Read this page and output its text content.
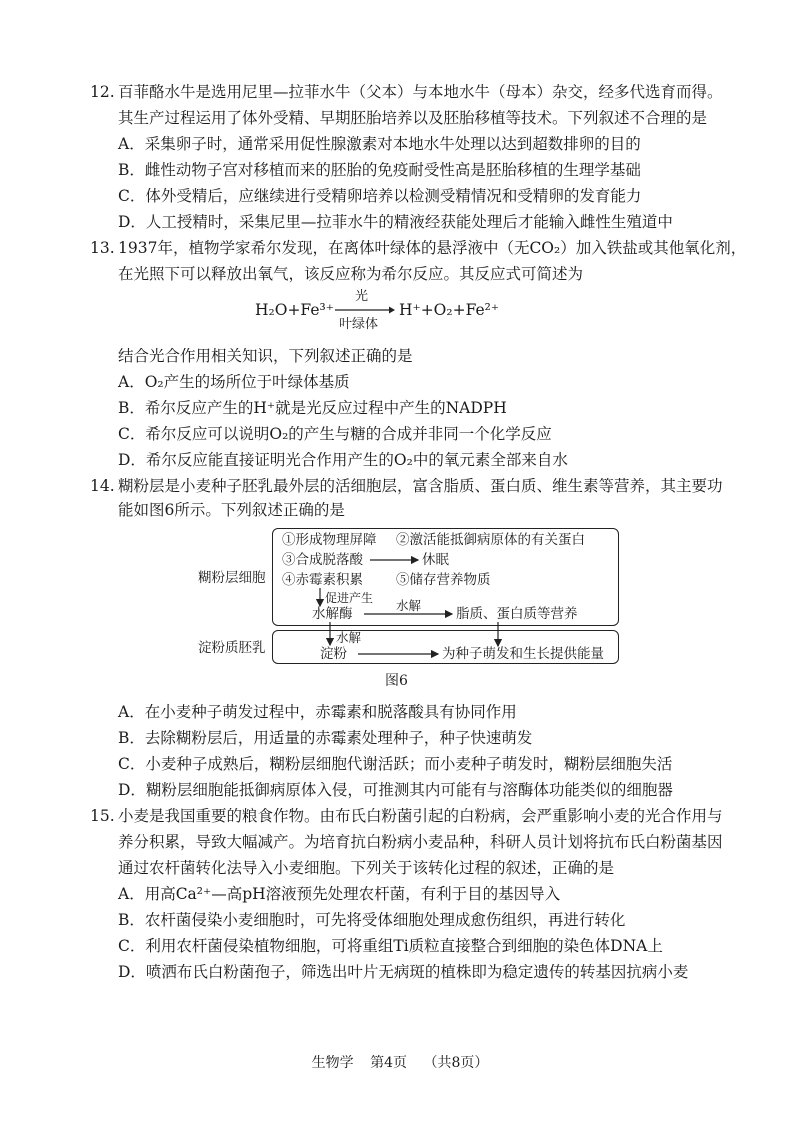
12. 百菲酪水牛是选用尼里—拉菲水牛（父本）与本地水牛（母本）杂交，经多代选育而得。
其生产过程运用了体外受精、早期胚胎培养以及胚胎移植等技术。下列叙述不合理的是
A．采集卵子时，通常采用促性腺激素对本地水牛处理以达到超数排卵的目的
B．雌性动物子宫对移植而来的胚胎的免疫耐受性高是胚胎移植的生理学基础
C．体外受精后，应继续进行受精卵培养以检测受精情况和受精卵的发育能力
D．人工授精时，采集尼里—拉菲水牛的精液经获能处理后才能输入雌性生殖道中
13. 1937年，植物学家希尔发现，在离体叶绿体的悬浮液中（无CO₂）加入铁盐或其他氧化剂，
在光照下可以释放出氧气，该反应称为希尔反应。其反应式可简述为
H₂O+Fe³⁺
光
叶绿体
H⁺+O₂+Fe²⁺
结合光合作用相关知识，下列叙述正确的是
A．O₂产生的场所位于叶绿体基质
B．希尔反应产生的H⁺就是光反应过程中产生的NADPH
C．希尔反应可以说明O₂的产生与糖的合成并非同一个化学反应
D．希尔反应能直接证明光合作用产生的O₂中的氧元素全部来自水
14. 糊粉层是小麦种子胚乳最外层的活细胞层，富含脂质、蛋白质、维生素等营养，其主要功
能如图6所示。下列叙述正确的是
糊粉层细胞
淀粉质胚乳
①形成物理屏障 ②激活能抵御病原体的有关蛋白
③合成脱落酸	休眠
④赤霉素积累 ⑤储存营养物质
促进产生
水解酶
水解
脂质、蛋白质等营养
水解
淀粉	为种子萌发和生长提供能量
图6
A．在小麦种子萌发过程中，赤霉素和脱落酸具有协同作用
B．去除糊粉层后，用适量的赤霉素处理种子，种子快速萌发
C．小麦种子成熟后，糊粉层细胞代谢活跃；而小麦种子萌发时，糊粉层细胞失活
D．糊粉层细胞能抵御病原体入侵，可推测其内可能有与溶酶体功能类似的细胞器
15. 小麦是我国重要的粮食作物。由布氏白粉菌引起的白粉病，会严重影响小麦的光合作用与
养分积累，导致大幅减产。为培育抗白粉病小麦品种，科研人员计划将抗布氏白粉菌基因
通过农杆菌转化法导入小麦细胞。下列关于该转化过程的叙述，正确的是
A．用高Ca²⁺—高pH溶液预先处理农杆菌，有利于目的基因导入
B．农杆菌侵染小麦细胞时，可先将受体细胞处理成愈伤组织，再进行转化
C．利用农杆菌侵染植物细胞，可将重组Ti质粒直接整合到细胞的染色体DNA上
D．喷洒布氏白粉菌孢子，筛选出叶片无病斑的植株即为稳定遗传的转基因抗病小麦
生物学 第4页 （共8页）
